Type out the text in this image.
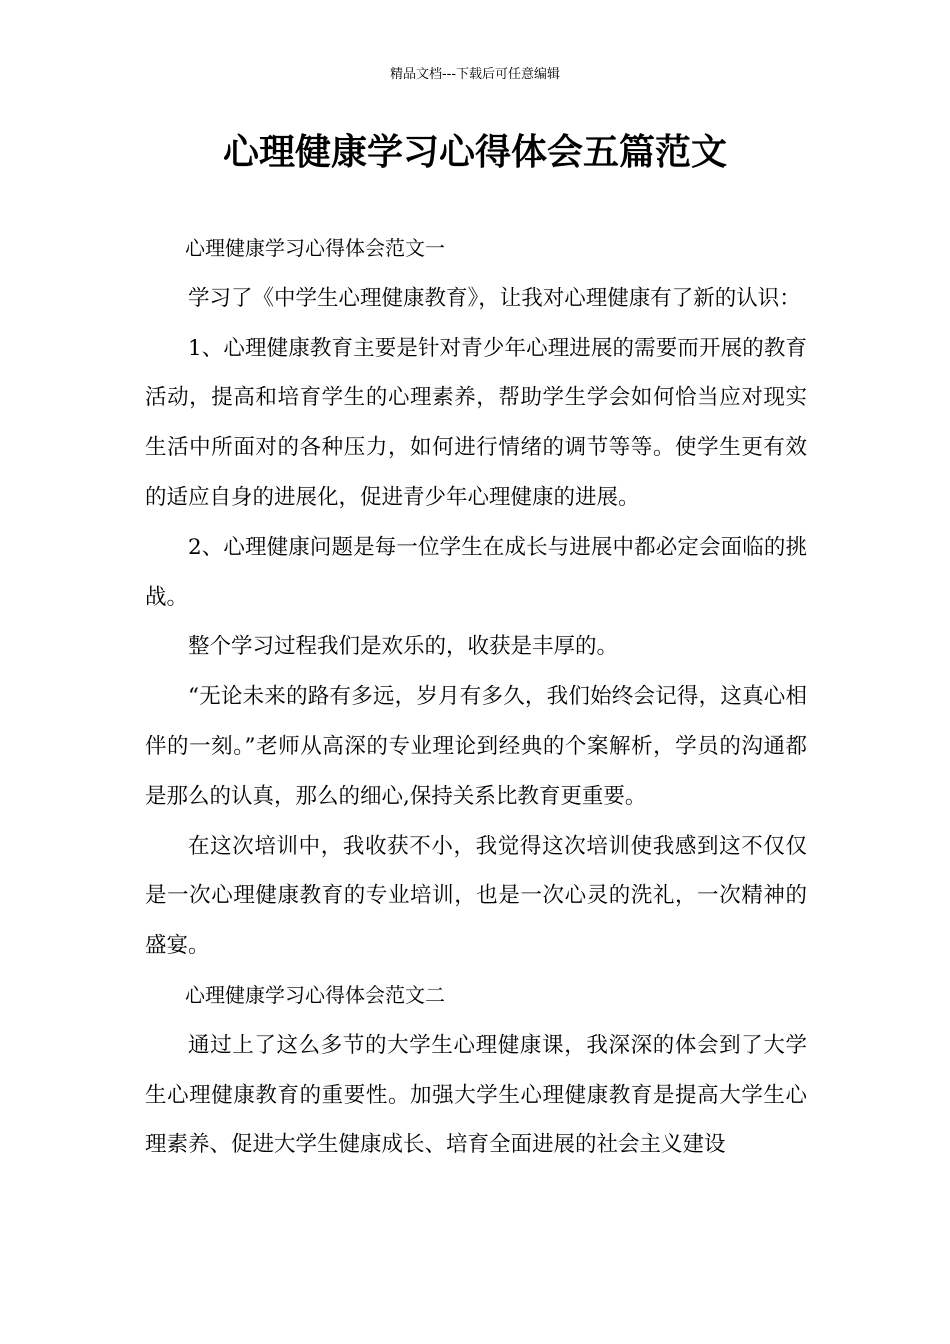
精品文档---下载后可任意编辑
心理健康学习心得体会五篇范文

心理健康学习心得体会范文一

学习了《中学生心理健康教育》，让我对心理健康有了新的认识：

1、心理健康教育主要是针对青少年心理进展的需要而开展的教育活动，提高和培育学生的心理素养，帮助学生学会如何恰当应对现实生活中所面对的各种压力，如何进行情绪的调节等等。使学生更有效的适应自身的进展化，促进青少年心理健康的进展。

2、心理健康问题是每一位学生在成长与进展中都必定会面临的挑战。

整个学习过程我们是欢乐的，收获是丰厚的。

“无论未来的路有多远，岁月有多久，我们始终会记得，这真心相伴的一刻。”老师从高深的专业理论到经典的个案解析，学员的沟通都是那么的认真，那么的细心,保持关系比教育更重要。

在这次培训中，我收获不小，我觉得这次培训使我感到这不仅仅是一次心理健康教育的专业培训，也是一次心灵的洗礼，一次精神的盛宴。

心理健康学习心得体会范文二

通过上了这么多节的大学生心理健康课，我深深的体会到了大学生心理健康教育的重要性。加强大学生心理健康教育是提高大学生心理素养、促进大学生健康成长、培育全面进展的社会主义建设
